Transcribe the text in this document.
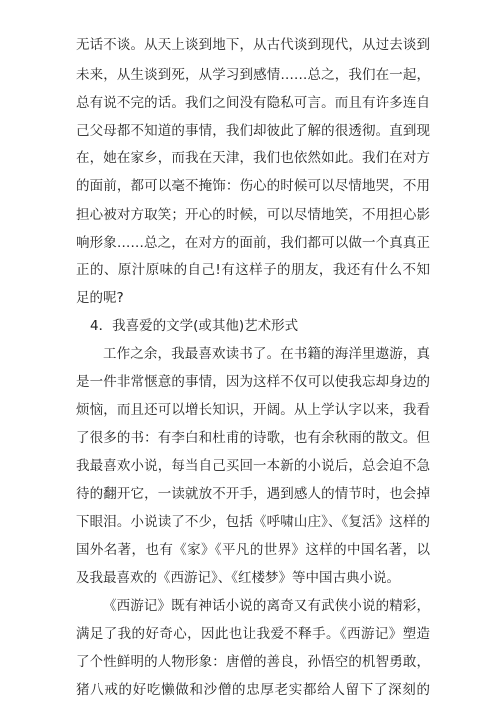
无话不谈。从天上谈到地下，从古代谈到现代，从过去谈到
未来，从生谈到死，从学习到感情……总之，我们在一起，
总有说不完的话。我们之间没有隐私可言。而且有许多连自
己父母都不知道的事情，我们却彼此了解的很透彻。直到现
在，她在家乡，而我在天津，我们也依然如此。我们在对方
的面前，都可以毫不掩饰：伤心的时候可以尽情地哭，不用
担心被对方取笑；开心的时候，可以尽情地笑，不用担心影
响形象……总之，在对方的面前，我们都可以做一个真真正
正的、原汁原味的自己!有这样子的朋友，我还有什么不知
足的呢?
4．我喜爱的文学(或其他)艺术形式
工作之余，我最喜欢读书了。在书籍的海洋里遨游，真
是一件非常惬意的事情，因为这样不仅可以使我忘却身边的
烦恼，而且还可以增长知识，开阔。从上学认字以来，我看
了很多的书：有李白和杜甫的诗歌，也有余秋雨的散文。但
我最喜欢小说，每当自己买回一本新的小说后，总会迫不急
待的翻开它，一读就放不开手，遇到感人的情节时，也会掉
下眼泪。小说读了不少，包括《呼啸山庄》、《复活》这样的
国外名著，也有《家》《平凡的世界》这样的中国名著，以
及我最喜欢的《西游记》、《红楼梦》等中国古典小说。
《西游记》既有神话小说的离奇又有武侠小说的精彩，
满足了我的好奇心，因此也让我爱不释手。《西游记》塑造
了个性鲜明的人物形象：唐僧的善良，孙悟空的机智勇敢，
猪八戒的好吃懒做和沙僧的忠厚老实都给人留下了深刻的
